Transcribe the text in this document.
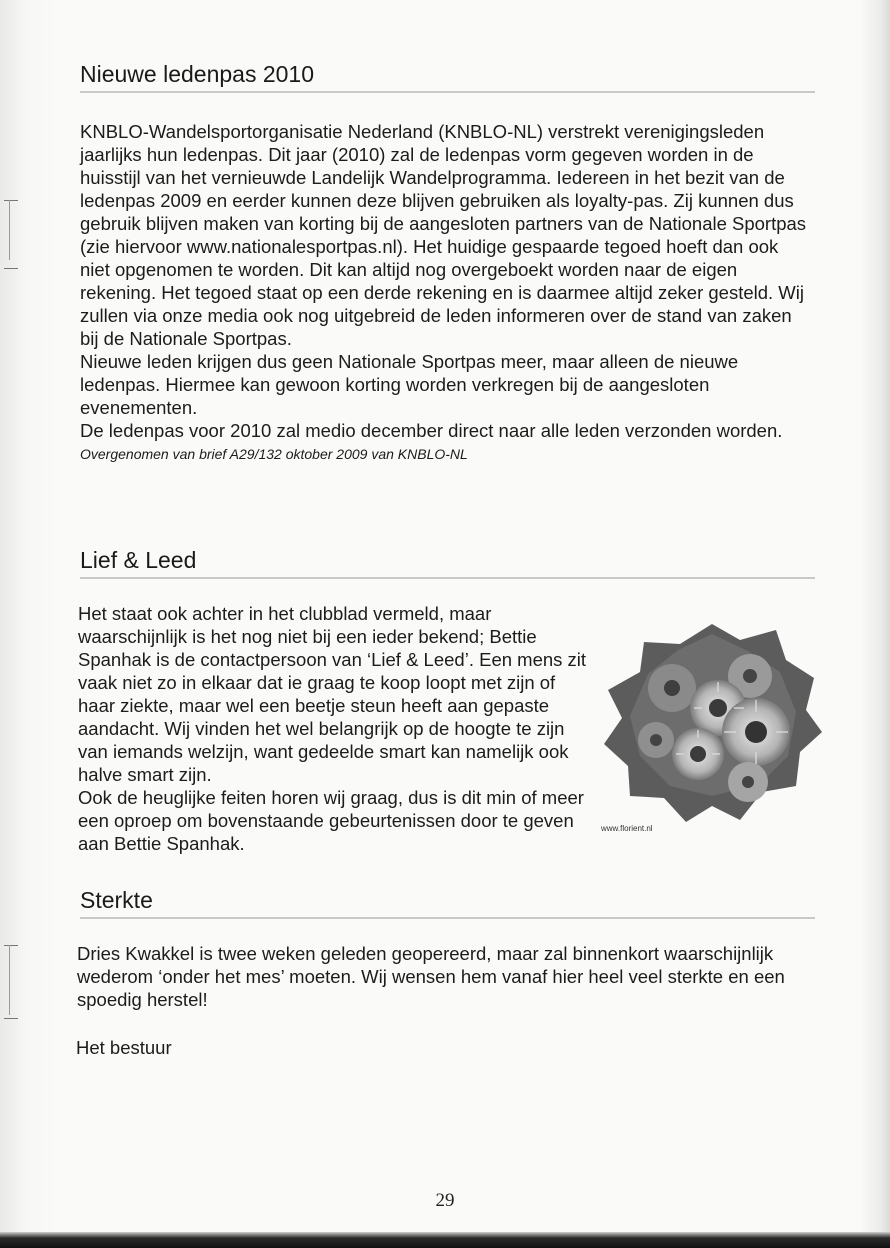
Nieuwe ledenpas 2010

KNBLO-Wandelsportorganisatie Nederland (KNBLO-NL) verstrekt verenigingsleden jaarlijks hun ledenpas. Dit jaar (2010) zal de ledenpas vorm gegeven worden in de huisstijl van het vernieuwde Landelijk Wandelprogramma. Iedereen in het bezit van de ledenpas 2009 en eerder kunnen deze blijven gebruiken als loyalty-pas. Zij kunnen dus gebruik blijven maken van korting bij de aangesloten partners van de Nationale Sportpas (zie hiervoor www.nationalesportpas.nl). Het huidige gespaarde tegoed hoeft dan ook niet opgenomen te worden. Dit kan altijd nog overgeboekt worden naar de eigen rekening. Het tegoed staat op een derde rekening en is daarmee altijd zeker gesteld. Wij zullen via onze media ook nog uitgebreid de leden informeren over de stand van zaken bij de Nationale Sportpas.

Nieuwe leden krijgen dus geen Nationale Sportpas meer, maar alleen de nieuwe ledenpas. Hiermee kan gewoon korting worden verkregen bij de aangesloten evenementen.

De ledenpas voor 2010 zal medio december direct naar alle leden verzonden worden.

Overgenomen van brief A29/132 oktober 2009 van KNBLO-NL

Lief & Leed

Het staat ook achter in het clubblad vermeld, maar waarschijnlijk is het nog niet bij een ieder bekend; Bettie Spanhak is de contactpersoon van ‘Lief & Leed’. Een mens zit vaak niet zo in elkaar dat ie graag te koop loopt met zijn of haar ziekte, maar wel een beetje steun heeft aan gepaste aandacht. Wij vinden het wel belangrijk op de hoogte te zijn van iemands welzijn, want gedeelde smart kan namelijk ook halve smart zijn.

Ook de heuglijke feiten horen wij graag, dus is dit min of meer een oproep om bovenstaande gebeurtenissen door te geven aan Bettie Spanhak.

www.florient.nl
Sterkte

Dries Kwakkel is twee weken geleden geopereerd, maar zal binnenkort waarschijnlijk wederom ‘onder het mes’ moeten. Wij wensen hem vanaf hier heel veel sterkte en een spoedig herstel!

Het bestuur
29
